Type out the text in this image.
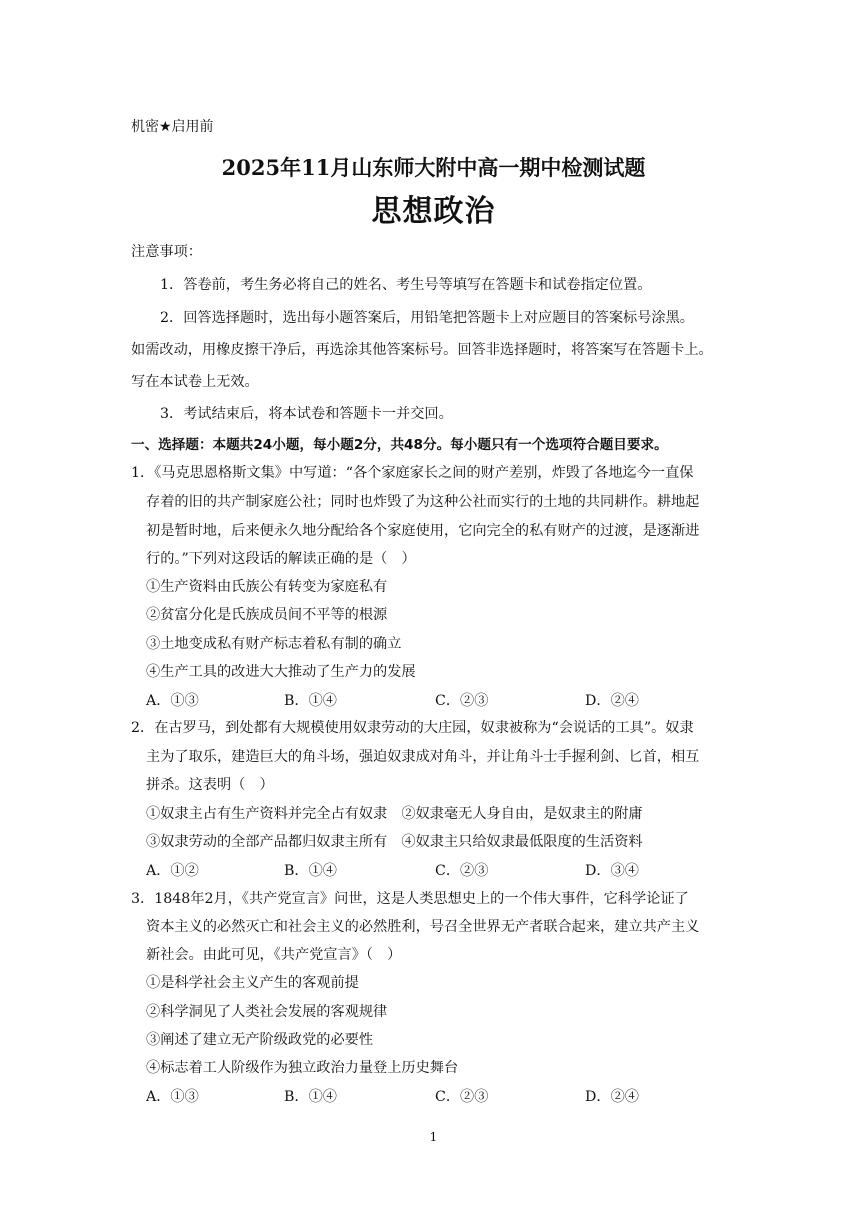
机密★启用前
2025年11月山东师大附中高一期中检测试题
思想政治
注意事项：
1．答卷前，考生务必将自己的姓名、考生号等填写在答题卡和试卷指定位置。
2．回答选择题时，选出每小题答案后，用铅笔把答题卡上对应题目的答案标号涂黑。
如需改动，用橡皮擦干净后，再选涂其他答案标号。回答非选择题时，将答案写在答题卡上。
写在本试卷上无效。
3．考试结束后，将本试卷和答题卡一并交回。
一、选择题：本题共24小题，每小题2分，共48分。每小题只有一个选项符合题目要求。
1．《马克思恩格斯文集》中写道：“各个家庭家长之间的财产差别，炸毁了各地迄今一直保
存着的旧的共产制家庭公社；同时也炸毁了为这种公社而实行的土地的共同耕作。耕地起
初是暂时地，后来便永久地分配给各个家庭使用，它向完全的私有财产的过渡，是逐渐进
行的。”下列对这段话的解读正确的是（　）
①生产资料由氏族公有转变为家庭私有
②贫富分化是氏族成员间不平等的根源
③土地变成私有财产标志着私有制的确立
④生产工具的改进大大推动了生产力的发展
A．①③	B．①④	C．②③	D．②④
2．在古罗马，到处都有大规模使用奴隶劳动的大庄园，奴隶被称为“会说话的工具”。奴隶
主为了取乐，建造巨大的角斗场，强迫奴隶成对角斗，并让角斗士手握利剑、匕首，相互
拼杀。这表明（　）
①奴隶主占有生产资料并完全占有奴隶　②奴隶毫无人身自由，是奴隶主的附庸
③奴隶劳动的全部产品都归奴隶主所有　④奴隶主只给奴隶最低限度的生活资料
A．①②	B．①④	C．②③	D．③④
3．1848年2月，《共产党宣言》问世，这是人类思想史上的一个伟大事件，它科学论证了
资本主义的必然灭亡和社会主义的必然胜利，号召全世界无产者联合起来，建立共产主义
新社会。由此可见，《共产党宣言》（　）
①是科学社会主义产生的客观前提
②科学洞见了人类社会发展的客观规律
③阐述了建立无产阶级政党的必要性
④标志着工人阶级作为独立政治力量登上历史舞台
A．①③	B．①④	C．②③	D．②④
1
